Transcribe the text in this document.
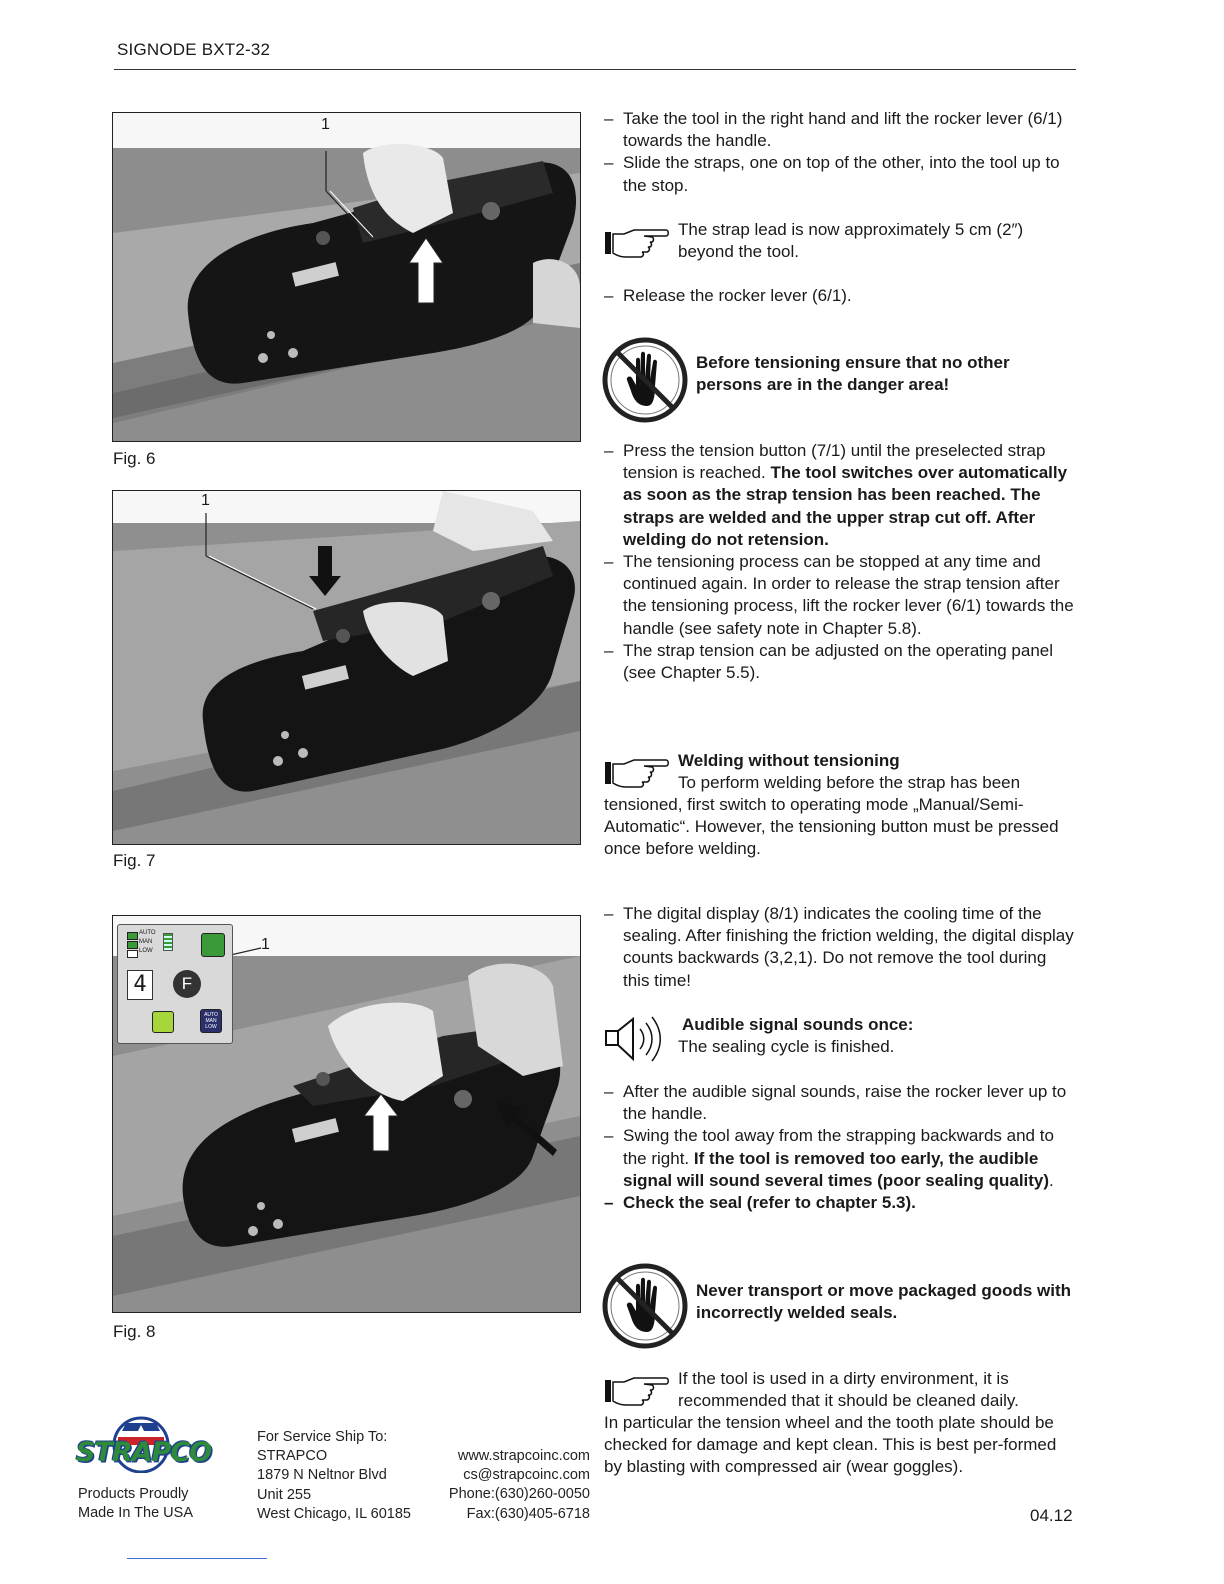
SIGNODE BXT2-32
1
Fig. 6
1
Fig. 7
AUTO
MAN
LOW
4	F
AUTO MAN LOW
1
Fig. 8
– Take the tool in the right hand and lift the rocker lever (6/1) towards the handle.
– Slide the straps, one on top of the other, into the tool up to the stop.
The strap lead is now approximately 5 cm (2″) beyond the tool.
– Release the rocker lever (6/1).
Before tensioning ensure that no other persons are in the danger area!
– Press the tension button (7/1) until the preselected strap tension is reached. The tool switches over automatically as soon as the strap tension has been reached. The straps are welded and the upper strap cut off. After welding do not retension.
– The tensioning process can be stopped at any time and continued again. In order to release the strap tension after the tensioning process, lift the rocker lever (6/1) towards the handle (see safety note in Chapter 5.8).
– The strap tension can be adjusted on the operating panel (see Chapter 5.5).
Welding without tensioning
To perform welding before the strap has been
tensioned, first switch to operating mode „Manual/Semi-Automatic“. However, the tensioning button must be pressed once before welding.
– The digital display (8/1) indicates the cooling time of the sealing. After finishing the friction welding, the digital display counts backwards (3,2,1). Do not remove the tool during this time!
Audible signal sounds once:
The sealing cycle is finished.
– After the audible signal sounds, raise the rocker lever up to the handle.
– Swing the tool away from the strapping backwards and to the right. If the tool is removed too early, the audible signal will sound several times (poor sealing quality).
– Check the seal (refer to chapter 5.3).
Never transport or move packaged goods with incorrectly welded seals.
If the tool is used in a dirty environment, it is
recommended that it should be cleaned daily.
In particular the tension wheel and the tooth plate should be checked for damage and kept clean. This is best per-formed by blasting with compressed air (wear goggles).
STRAPCO
Products Proudly
Made In The USA
For Service Ship To:
STRAPCO
1879 N Neltnor Blvd
Unit 255
West Chicago, IL 60185
www.strapcoinc.com
cs@strapcoinc.com
Phone:(630)260-0050
Fax:(630)405-6718	04.12
